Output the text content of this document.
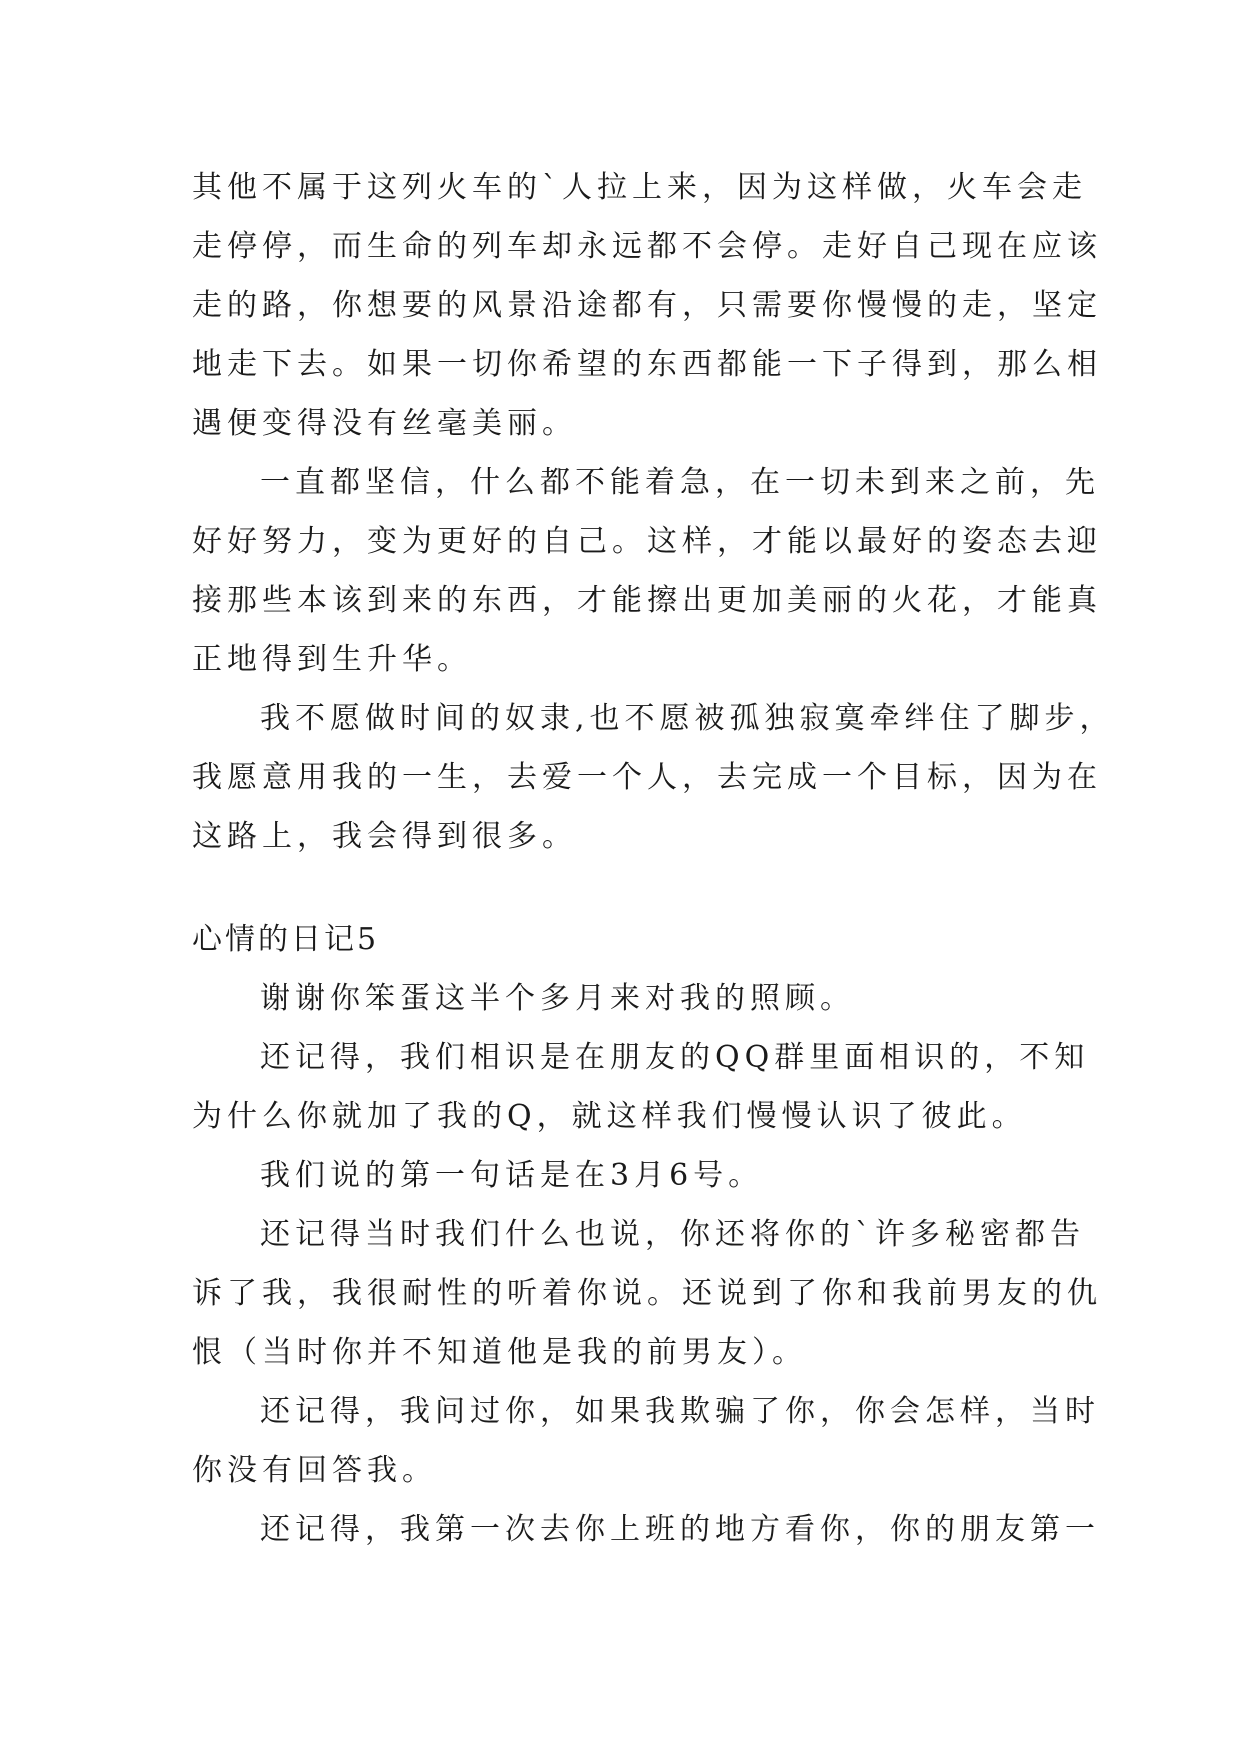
其他不属于这列火车的`人拉上来，因为这样做，火车会走
走停停，而生命的列车却永远都不会停。走好自己现在应该
走的路，你想要的风景沿途都有，只需要你慢慢的走，坚定
地走下去。如果一切你希望的东西都能一下子得到，那么相
遇便变得没有丝毫美丽。
一直都坚信，什么都不能着急，在一切未到来之前，先
好好努力，变为更好的自己。这样，才能以最好的姿态去迎
接那些本该到来的东西，才能擦出更加美丽的火花，才能真
正地得到生升华。
我不愿做时间的奴隶,也不愿被孤独寂寞牵绊住了脚步，
我愿意用我的一生，去爱一个人，去完成一个目标，因为在
这路上，我会得到很多。
心情的日记5
谢谢你笨蛋这半个多月来对我的照顾。
还记得，我们相识是在朋友的QQ群里面相识的，不知
为什么你就加了我的Q，就这样我们慢慢认识了彼此。
我们说的第一句话是在3月6号。
还记得当时我们什么也说，你还将你的`许多秘密都告
诉了我，我很耐性的听着你说。还说到了你和我前男友的仇
恨（当时你并不知道他是我的前男友）。
还记得，我问过你，如果我欺骗了你，你会怎样，当时
你没有回答我。
还记得，我第一次去你上班的地方看你，你的朋友第一
